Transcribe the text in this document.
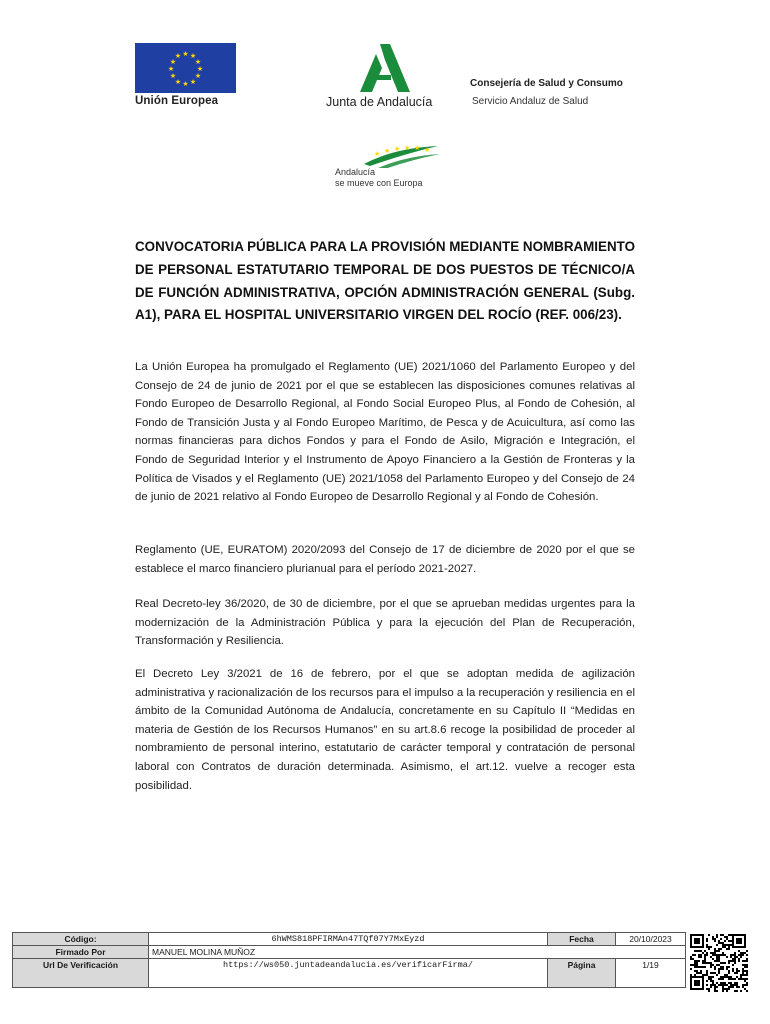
★ ★
★
★
★
★
★
★
★
★
★
★
Unión Europea	Junta de Andalucía
Consejería de Salud y Consumo
Servicio Andaluz de Salud
★ ★ ★ ★ ★ ★
Andalucía
se mueve con Europa

CONVOCATORIA PÚBLICA PARA LA PROVISIÓN MEDIANTE NOMBRAMIENTO DE PERSONAL ESTATUTARIO TEMPORAL DE DOS PUESTOS DE TÉCNICO/A DE FUNCIÓN ADMINISTRATIVA, OPCIÓN ADMINISTRACIÓN GENERAL (Subg. A1), PARA EL HOSPITAL UNIVERSITARIO VIRGEN DEL ROCÍO (REF. 006/23).

La Unión Europea ha promulgado el Reglamento (UE) 2021/1060 del Parlamento Europeo y del Consejo de 24 de junio de 2021 por el que se establecen las disposiciones comunes relativas al Fondo Europeo de Desarrollo Regional, al Fondo Social Europeo Plus, al Fondo de Cohesión, al Fondo de Transición Justa y al Fondo Europeo Marítimo, de Pesca y de Acuicultura, así como las normas financieras para dichos Fondos y para el Fondo de Asilo, Migración e Integración, el Fondo de Seguridad Interior y el Instrumento de Apoyo Financiero a la Gestión de Fronteras y la Política de Visados y el Reglamento (UE) 2021/1058 del Parlamento Europeo y del Consejo de 24 de junio de 2021 relativo al Fondo Europeo de Desarrollo Regional y al Fondo de Cohesión.

Reglamento (UE, EURATOM) 2020/2093 del Consejo de 17 de diciembre de 2020 por el que se establece el marco financiero plurianual para el período 2021-2027.

Real Decreto-ley 36/2020, de 30 de diciembre, por el que se aprueban medidas urgentes para la modernización de la Administración Pública y para la ejecución del Plan de Recuperación, Transformación y Resiliencia.

El Decreto Ley 3/2021 de 16 de febrero, por el que se adoptan medida de agilización administrativa y racionalización de los recursos para el impulso a la recuperación y resiliencia en el ámbito de la Comunidad Autónoma de Andalucía, concretamente en su Capítulo II “Medidas en materia de Gestión de los Recursos Humanos” en su art.8.6 recoge la posibilidad de proceder al nombramiento de personal interino, estatutario de carácter temporal y contratación de personal laboral con Contratos de duración determinada. Asimismo, el art.12. vuelve a recoger esta posibilidad.

Código:	6hWMS818PFIRMAn47TQf07Y7MxEyzd	Fecha	20/10/2023
Firmado Por	MANUEL MOLINA MUÑOZ		
Url De Verificación	https://ws050.juntadeandalucia.es/verificarFirma/	Página	1/19
